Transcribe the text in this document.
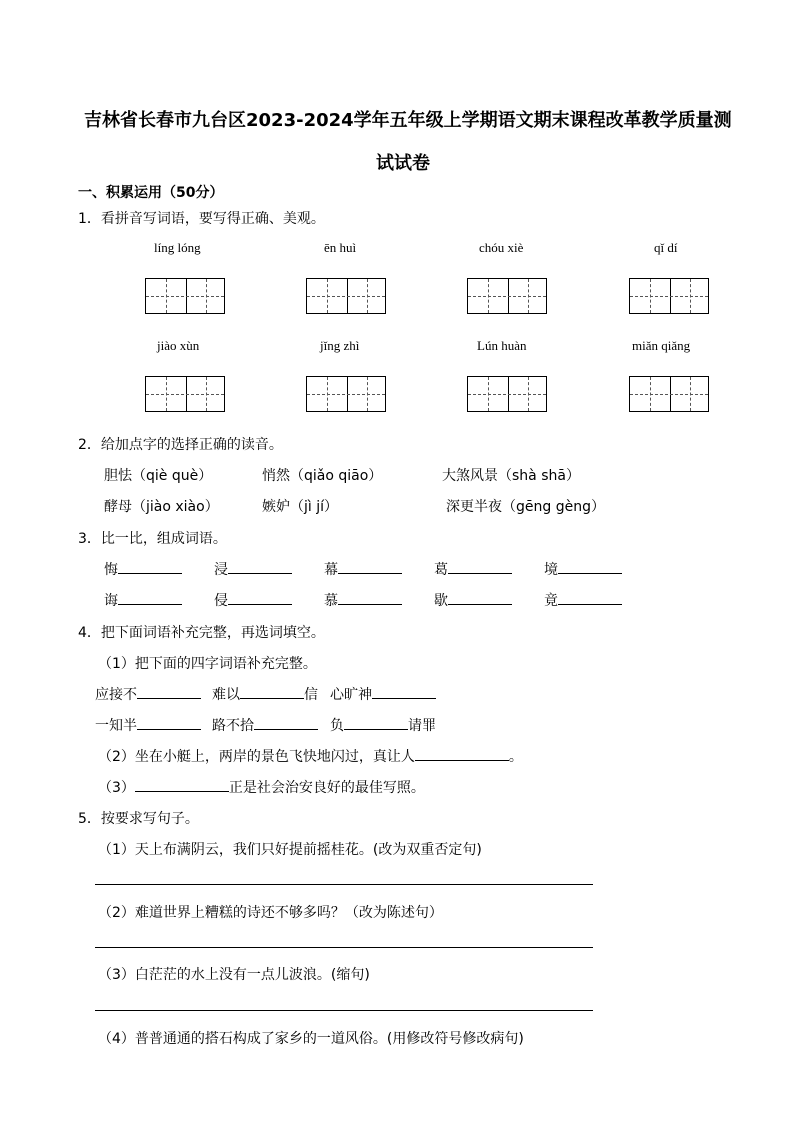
吉林省长春市九台区2023-2024学年五年级上学期语文期末课程改革教学质量测
试试卷
一、积累运用（50分）
1．看拼音写词语，要写得正确、美观。
líng lóng	ēn huì	chóu xiè	qǐ dí
jiào xùn	jǐng zhì	Lún huàn	miǎn qiǎng
2．给加点字的选择正确的读音。
胆怯（qiè què）	悄然（qiǎo qiāo）	大煞风景（shà shā）
酵母（jiào xiào）	嫉妒（jì jí）	深更半夜（gēng gèng）
3．比一比，组成词语。
悔	浸	幕	葛	境
诲	侵	慕	歇	竟
4．把下面词语补充完整，再选词填空。
（1）把下面的四字词语补充完整。
应接不	难以	信 心旷神
一知半	路不拾	负	请罪
（2）坐在小艇上，两岸的景色飞快地闪过，真让人	。
（3）	正是社会治安良好的最佳写照。
5．按要求写句子。
（1）天上布满阴云，我们只好提前摇桂花。(改为双重否定句)
（2）难道世界上糟糕的诗还不够多吗？（改为陈述句）
（3）白茫茫的水上没有一点儿波浪。(缩句)
（4）普普通通的搭石构成了家乡的一道风俗。(用修改符号修改病句)
